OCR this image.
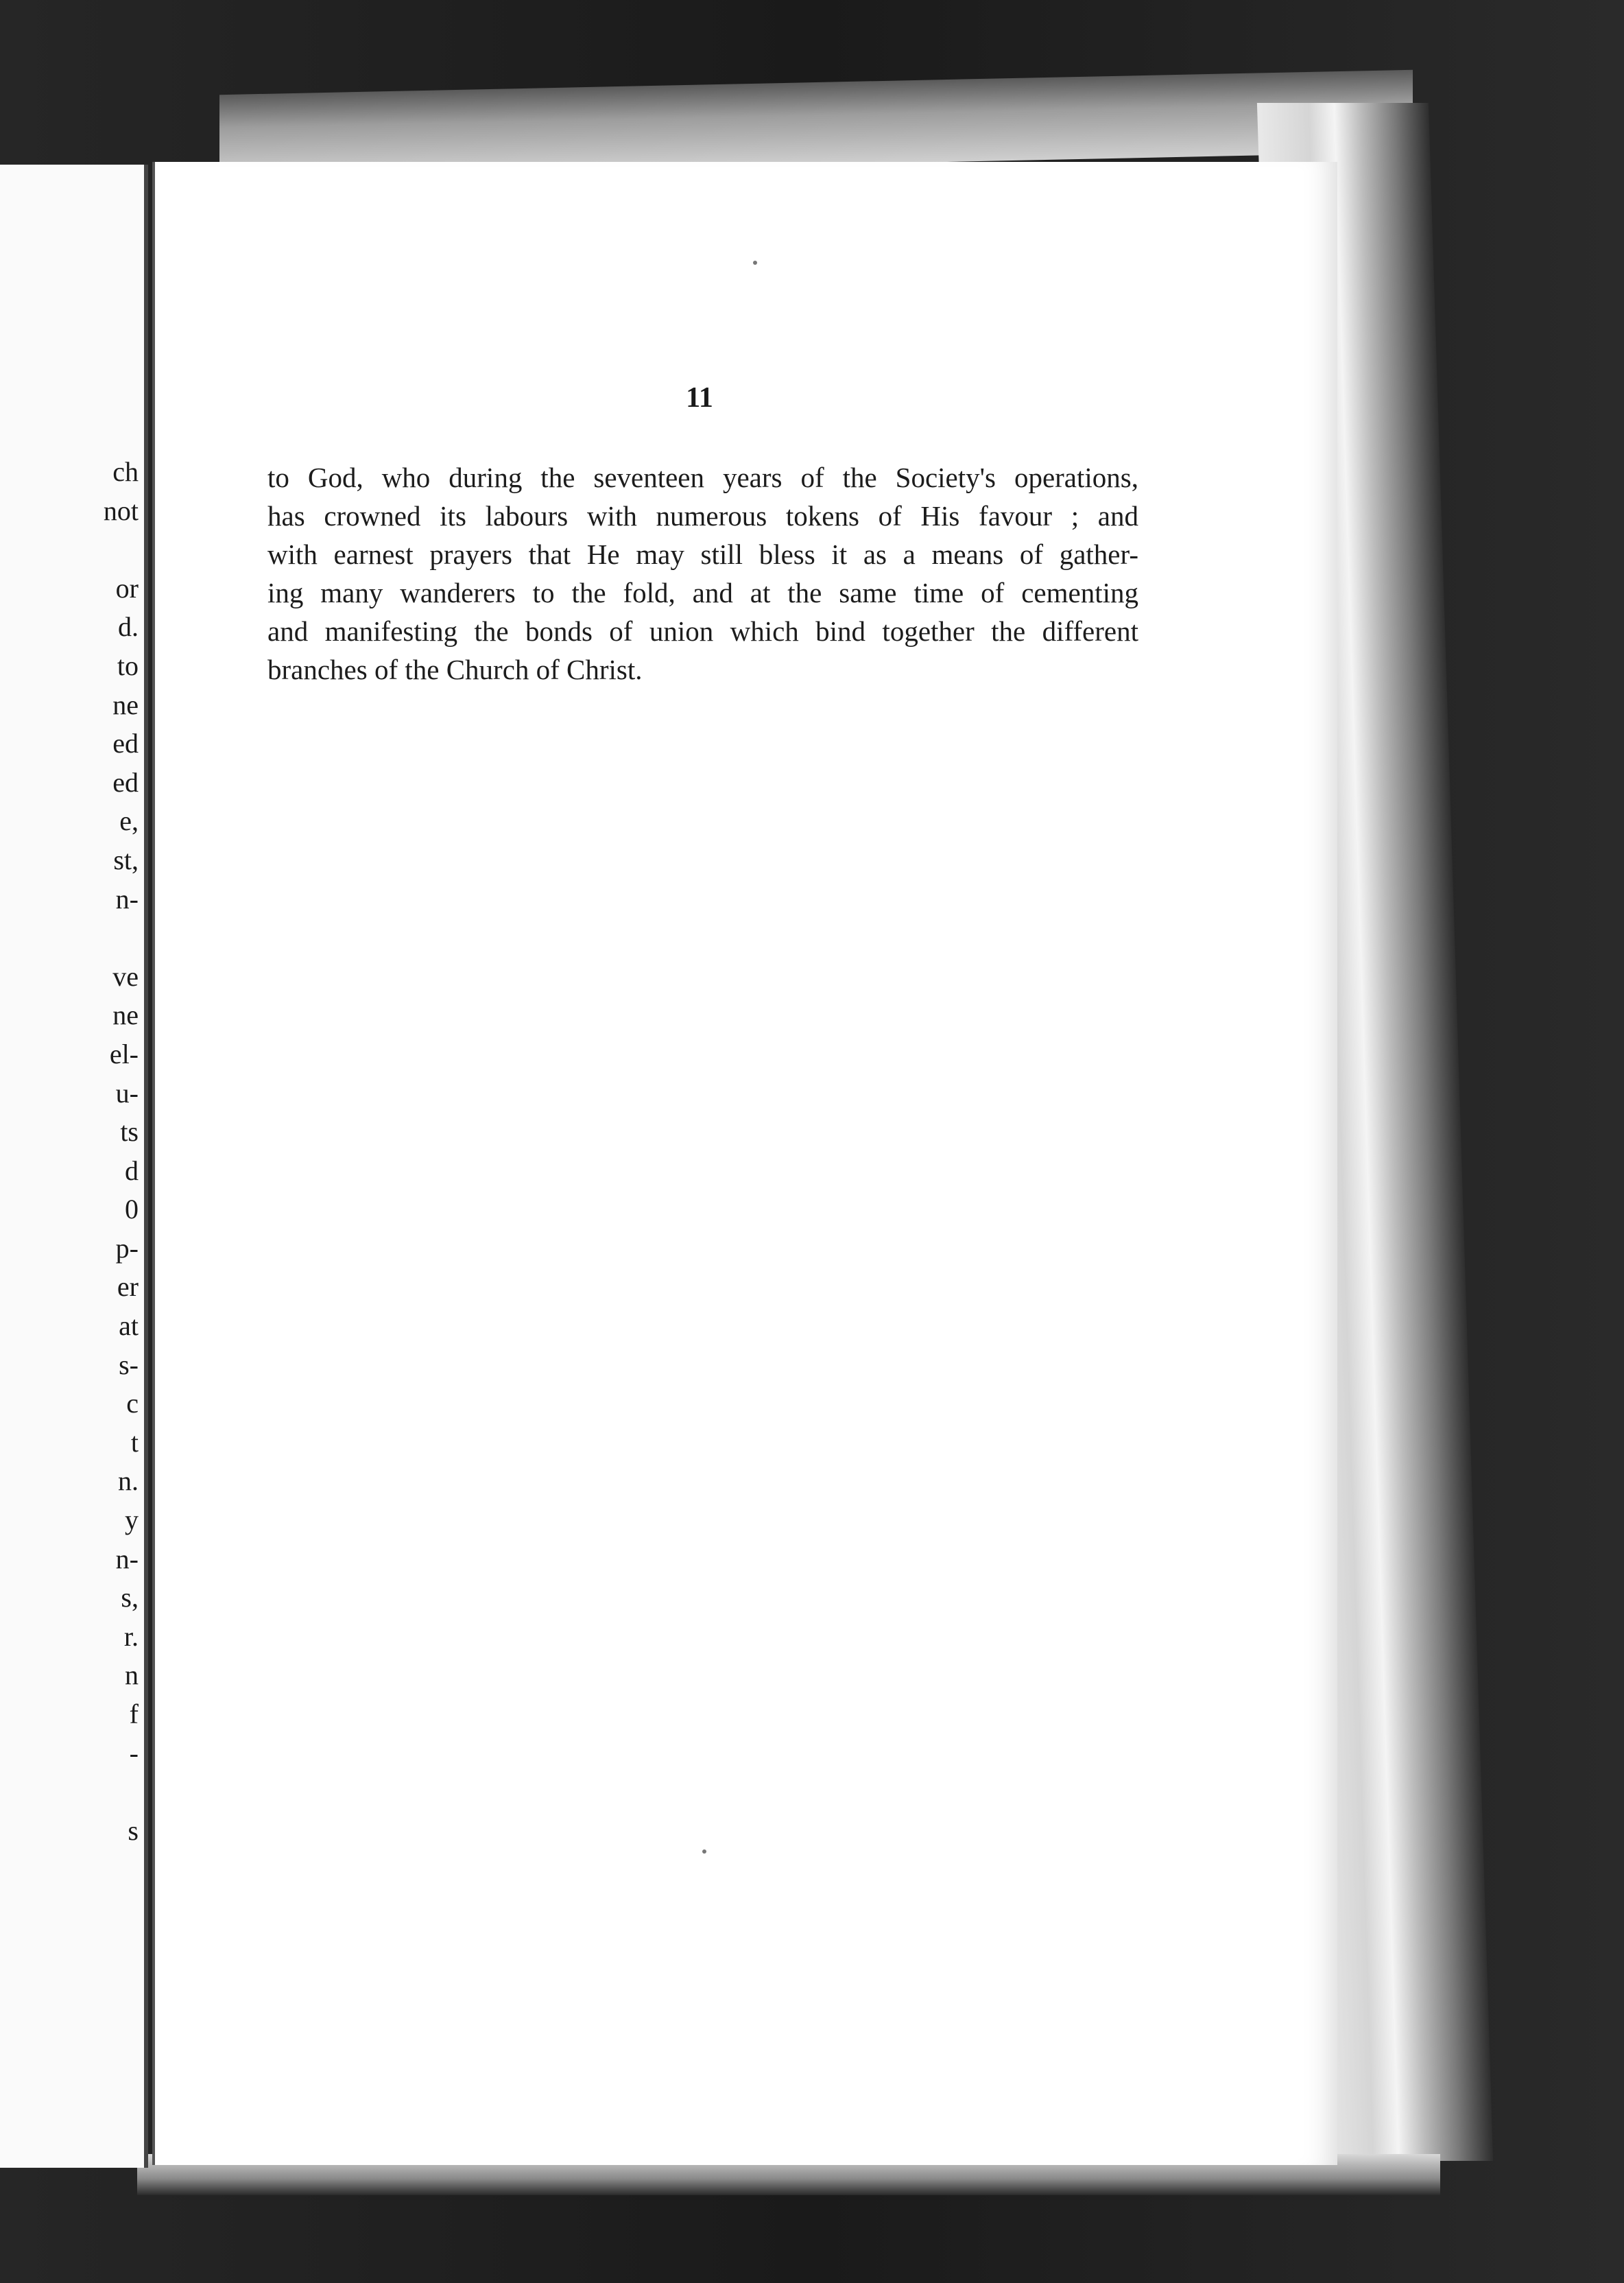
ch
not
or
d.
to
ne
ed
ed
e,
st,
n-
ve
ne
el-
u-
ts
d
0
p-
er
at
s-
c
t
n.
y
n-
s,
r.
n
f
-
s
11
to God, who during the seventeen years of the Society's operations,
has crowned its labours with numerous tokens of His favour ; and
with earnest prayers that He may still bless it as a means of gather-
ing many wanderers to the fold, and at the same time of cementing
and manifesting the bonds of union which bind together the different
branches of the Church of Christ.
